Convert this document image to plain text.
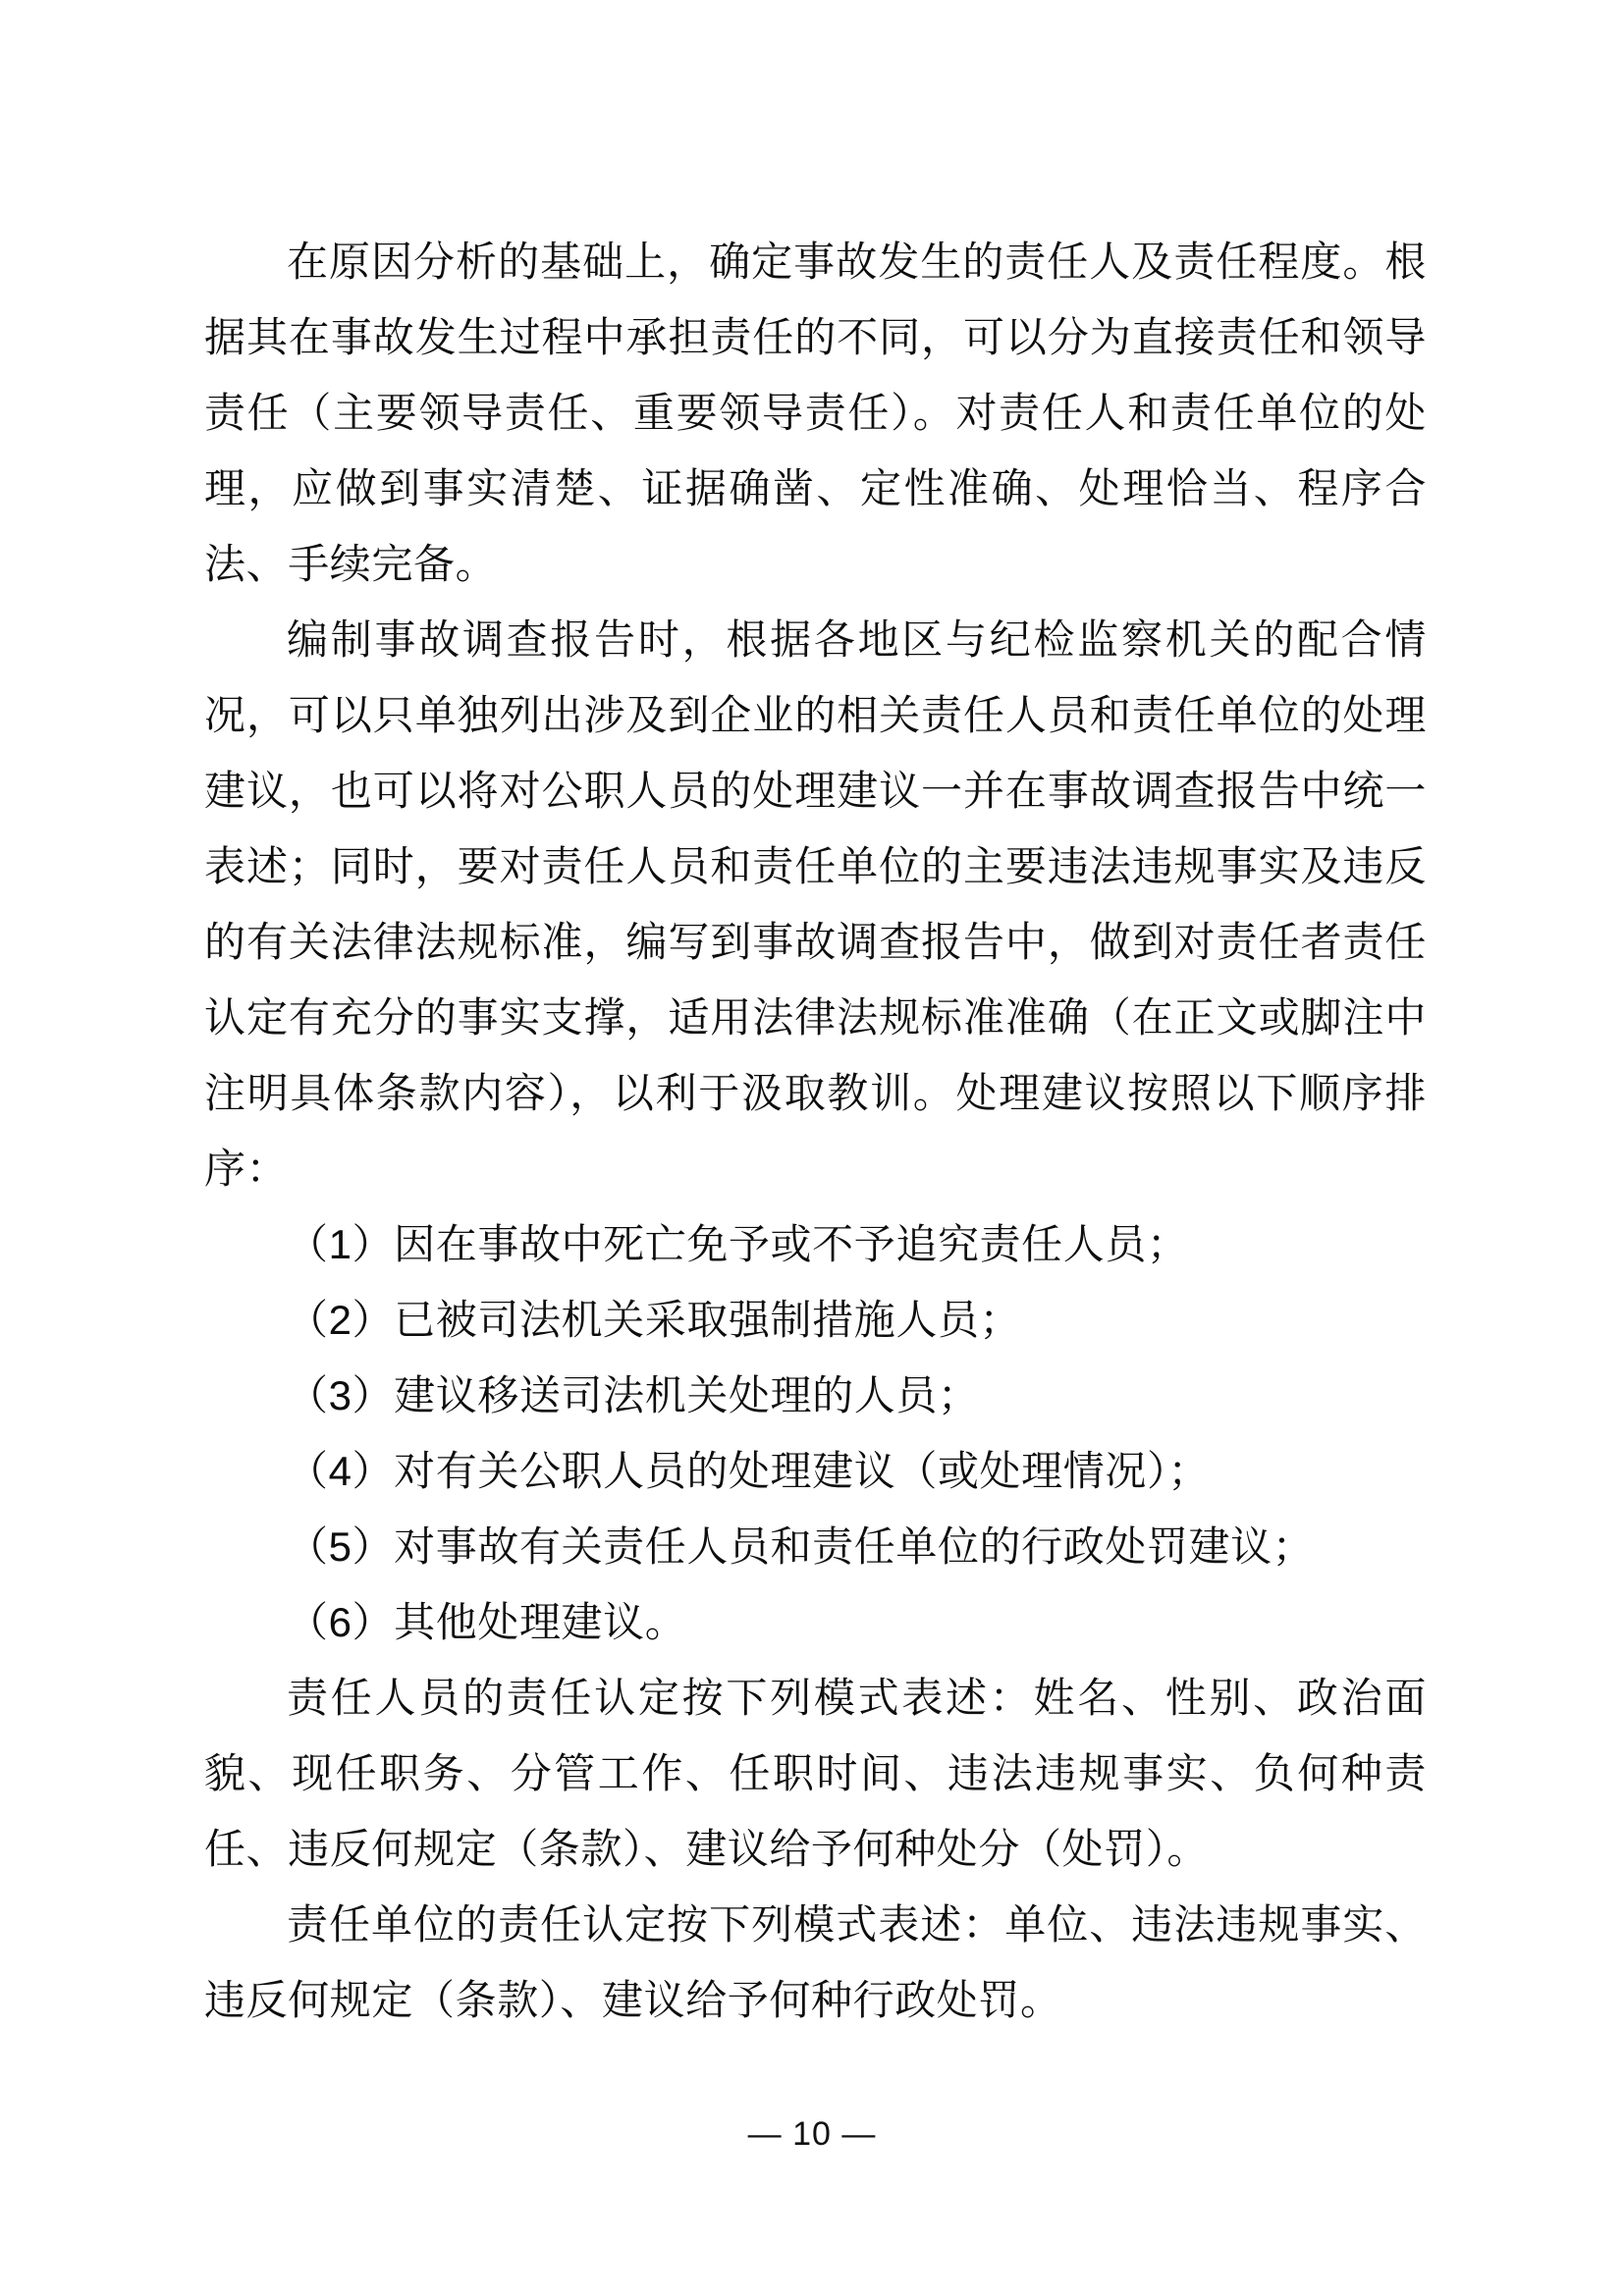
在原因分析的基础上，确定事故发生的责任人及责任程度。根据其在事故发生过程中承担责任的不同，可以分为直接责任和领导责任（主要领导责任、重要领导责任）。对责任人和责任单位的处理，应做到事实清楚、证据确凿、定性准确、处理恰当、程序合法、手续完备。

编制事故调查报告时，根据各地区与纪检监察机关的配合情况，可以只单独列出涉及到企业的相关责任人员和责任单位的处理建议，也可以将对公职人员的处理建议一并在事故调查报告中统一表述；同时，要对责任人员和责任单位的主要违法违规事实及违反的有关法律法规标准，编写到事故调查报告中，做到对责任者责任认定有充分的事实支撑，适用法律法规标准准确（在正文或脚注中注明具体条款内容），以利于汲取教训。处理建议按照以下顺序排序：

（1）因在事故中死亡免予或不予追究责任人员；
（2）已被司法机关采取强制措施人员；
（3）建议移送司法机关处理的人员；
（4）对有关公职人员的处理建议（或处理情况）；
（5）对事故有关责任人员和责任单位的行政处罚建议；
（6）其他处理建议。

责任人员的责任认定按下列模式表述：姓名、性别、政治面貌、现任职务、分管工作、任职时间、违法违规事实、负何种责任、违反何规定（条款）、建议给予何种处分（处罚）。

责任单位的责任认定按下列模式表述：单位、违法违规事实、违反何规定（条款）、建议给予何种行政处罚。

— 10 —
